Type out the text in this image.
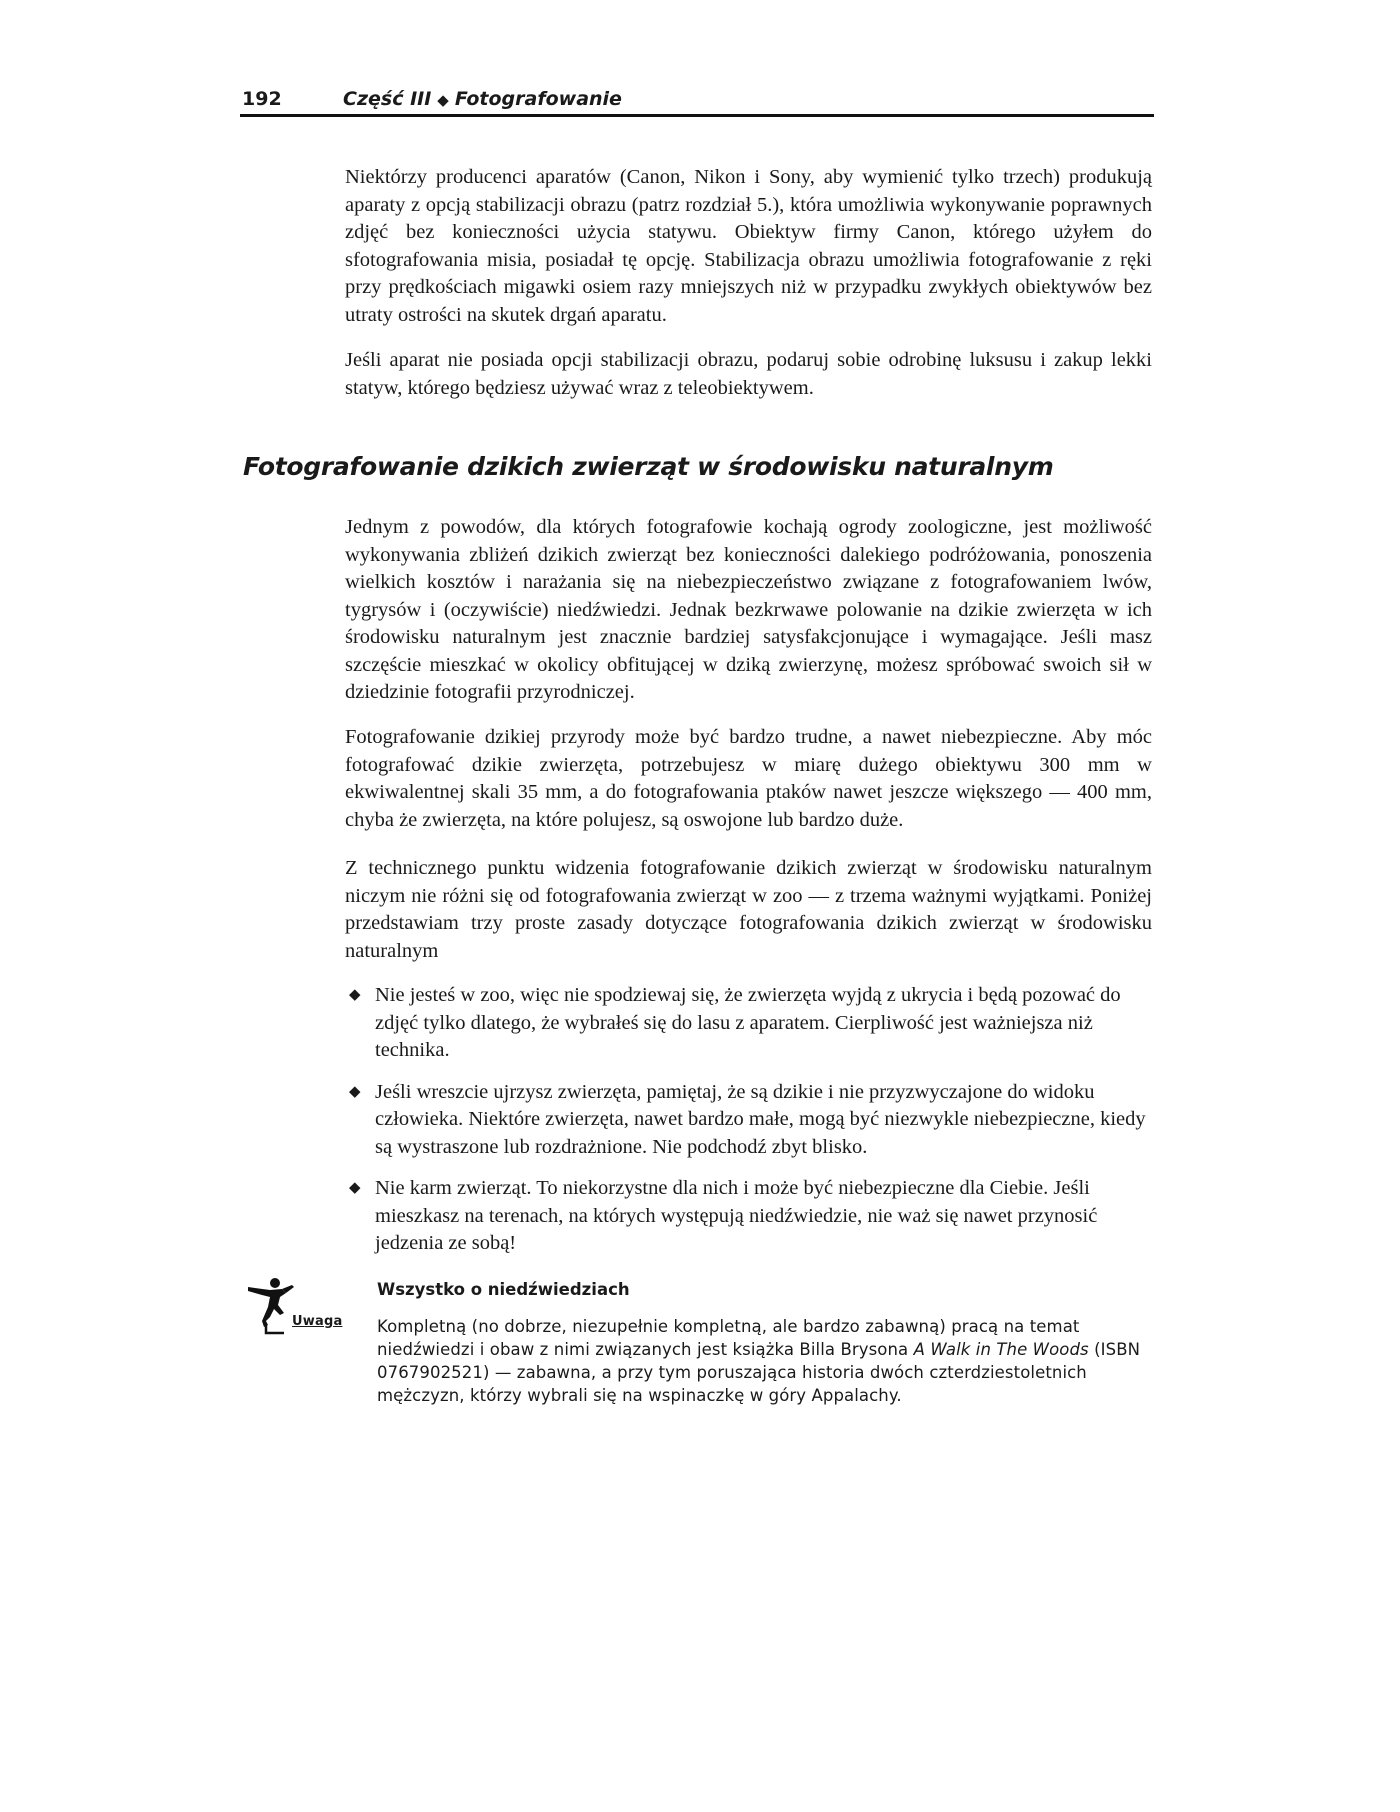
192	Część III ◆ Fotografowanie

Niektórzy producenci aparatów (Canon, Nikon i Sony, aby wymienić tylko trzech) produkują aparaty z opcją stabilizacji obrazu (patrz rozdział 5.), która umożliwia wykonywanie poprawnych zdjęć bez konieczności użycia statywu. Obiektyw firmy Canon, którego użyłem do sfotografowania misia, posiadał tę opcję. Stabilizacja obrazu umożliwia fotografowanie z ręki przy prędkościach migawki osiem razy mniejszych niż w przypadku zwykłych obiektywów bez utraty ostrości na skutek drgań aparatu.

Jeśli aparat nie posiada opcji stabilizacji obrazu, podaruj sobie odrobinę luksusu i zakup lekki statyw, którego będziesz używać wraz z teleobiektywem.

Fotografowanie dzikich zwierząt w środowisku naturalnym

Jednym z powodów, dla których fotografowie kochają ogrody zoologiczne, jest możliwość wykonywania zbliżeń dzikich zwierząt bez konieczności dalekiego podróżowania, ponoszenia wielkich kosztów i narażania się na niebezpieczeństwo związane z fotografowaniem lwów, tygrysów i (oczywiście) niedźwiedzi. Jednak bezkrwawe polowanie na dzikie zwierzęta w ich środowisku naturalnym jest znacznie bardziej satysfakcjonujące i wymagające. Jeśli masz szczęście mieszkać w okolicy obfitującej w dziką zwierzynę, możesz spróbować swoich sił w dziedzinie fotografii przyrodniczej.

Fotografowanie dzikiej przyrody może być bardzo trudne, a nawet niebezpieczne. Aby móc fotografować dzikie zwierzęta, potrzebujesz w miarę dużego obiektywu 300 mm w ekwiwalentnej skali 35 mm, a do fotografowania ptaków nawet jeszcze większego — 400 mm, chyba że zwierzęta, na które polujesz, są oswojone lub bardzo duże.

Z technicznego punktu widzenia fotografowanie dzikich zwierząt w środowisku naturalnym niczym nie różni się od fotografowania zwierząt w zoo — z trzema ważnymi wyjątkami. Poniżej przedstawiam trzy proste zasady dotyczące fotografowania dzikich zwierząt w środowisku naturalnym

◆ Nie jesteś w zoo, więc nie spodziewaj się, że zwierzęta wyjdą z ukrycia i będą pozować do zdjęć tylko dlatego, że wybrałeś się do lasu z aparatem. Cierpliwość jest ważniejsza niż technika.
◆ Jeśli wreszcie ujrzysz zwierzęta, pamiętaj, że są dzikie i nie przyzwyczajone do widoku człowieka. Niektóre zwierzęta, nawet bardzo małe, mogą być niezwykle niebezpieczne, kiedy są wystraszone lub rozdrażnione. Nie podchodź zbyt blisko.
◆ Nie karm zwierząt. To niekorzystne dla nich i może być niebezpieczne dla Ciebie. Jeśli mieszkasz na terenach, na których występują niedźwiedzie, nie waż się nawet przynosić jedzenia ze sobą!
Uwaga
Wszystko o niedźwiedziach

Kompletną (no dobrze, niezupełnie kompletną, ale bardzo zabawną) pracą na temat niedźwiedzi i obaw z nimi związanych jest książka Billa Brysona A Walk in The Woods (ISBN 0767902521) — zabawna, a przy tym poruszająca historia dwóch czterdziestoletnich mężczyzn, którzy wybrali się na wspinaczkę w góry Appalachy.
